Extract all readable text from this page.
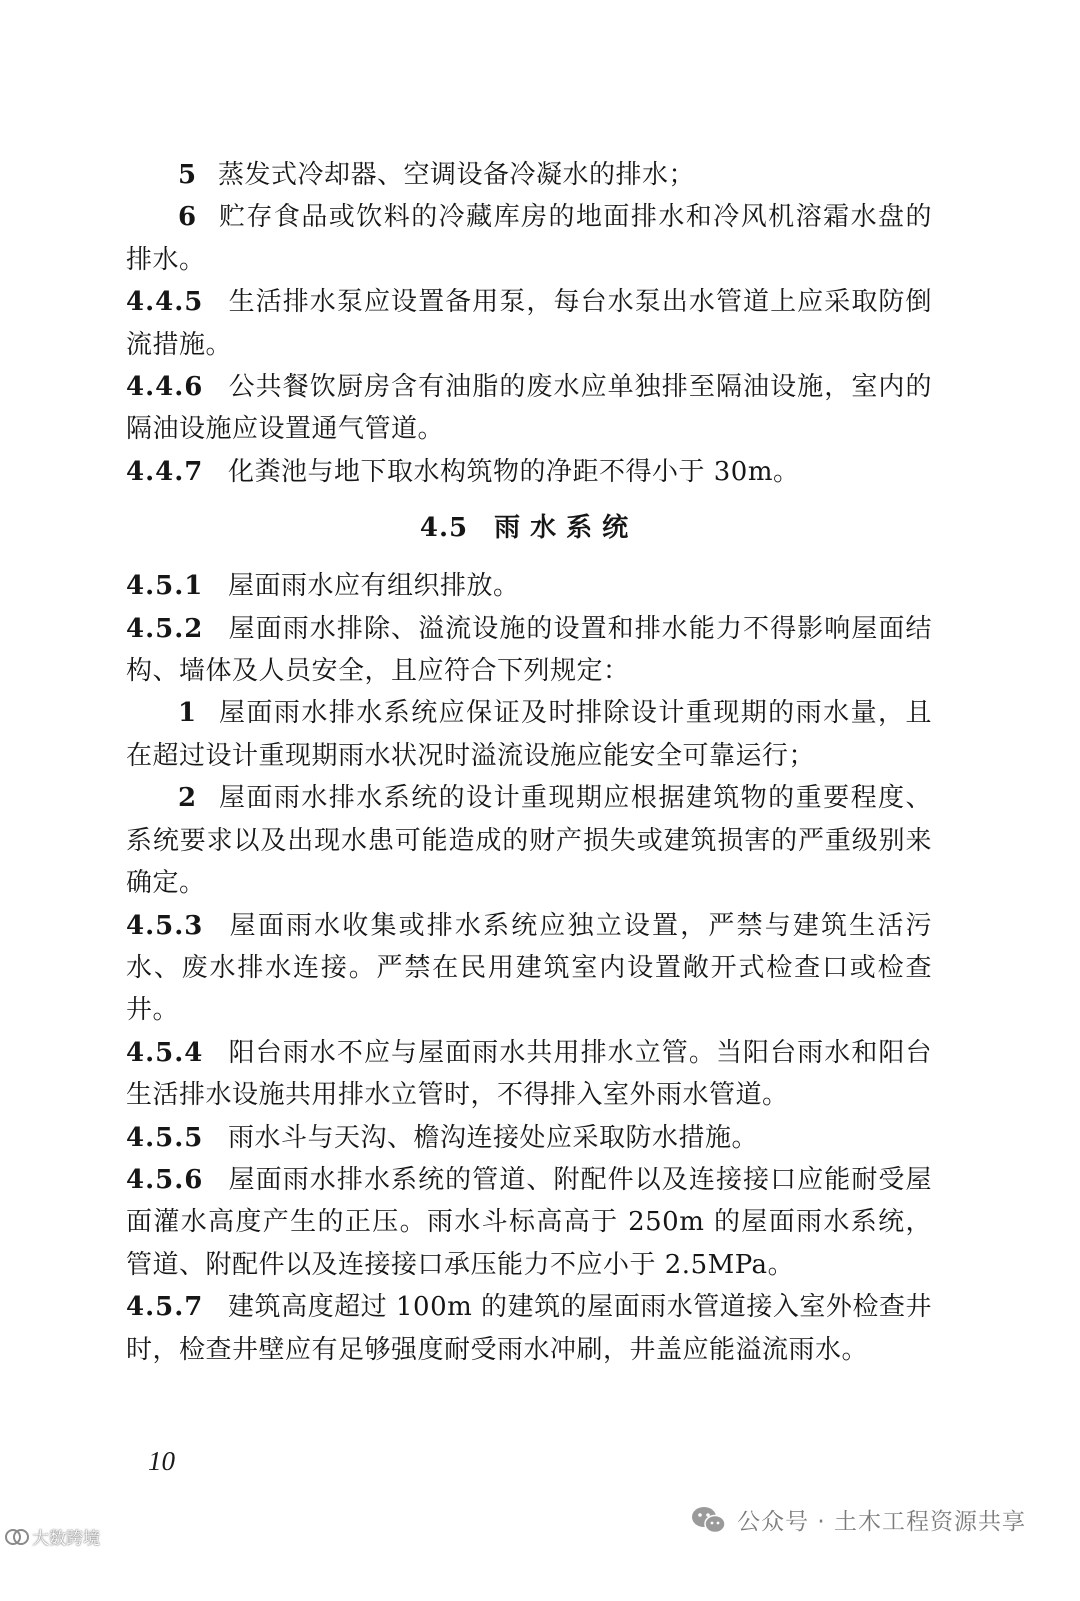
5 蒸发式冷却器、空调设备冷凝水的排水；

6 贮存食品或饮料的冷藏库房的地面排水和冷风机溶霜水盘的排水。

4.4.5 生活排水泵应设置备用泵，每台水泵出水管道上应采取防倒流措施。

4.4.6 公共餐饮厨房含有油脂的废水应单独排至隔油设施，室内的隔油设施应设置通气管道。

4.4.7 化粪池与地下取水构筑物的净距不得小于 30m。

4.5 雨水系统

4.5.1 屋面雨水应有组织排放。

4.5.2 屋面雨水排除、溢流设施的设置和排水能力不得影响屋面结构、墙体及人员安全，且应符合下列规定：

1 屋面雨水排水系统应保证及时排除设计重现期的雨水量，且在超过设计重现期雨水状况时溢流设施应能安全可靠运行；

2 屋面雨水排水系统的设计重现期应根据建筑物的重要程度、系统要求以及出现水患可能造成的财产损失或建筑损害的严重级别来确定。

4.5.3 屋面雨水收集或排水系统应独立设置，严禁与建筑生活污水、废水排水连接。严禁在民用建筑室内设置敞开式检查口或检查井。

4.5.4 阳台雨水不应与屋面雨水共用排水立管。当阳台雨水和阳台生活排水设施共用排水立管时，不得排入室外雨水管道。

4.5.5 雨水斗与天沟、檐沟连接处应采取防水措施。

4.5.6 屋面雨水排水系统的管道、附配件以及连接接口应能耐受屋面灌水高度产生的正压。雨水斗标高高于 250m 的屋面雨水系统，管道、附配件以及连接接口承压能力不应小于 2.5MPa。

4.5.7 建筑高度超过 100m 的建筑的屋面雨水管道接入室外检查井时，检查井壁应有足够强度耐受雨水冲刷，井盖应能溢流雨水。

10
公众号 · 土木工程资源共享
大数跨境
